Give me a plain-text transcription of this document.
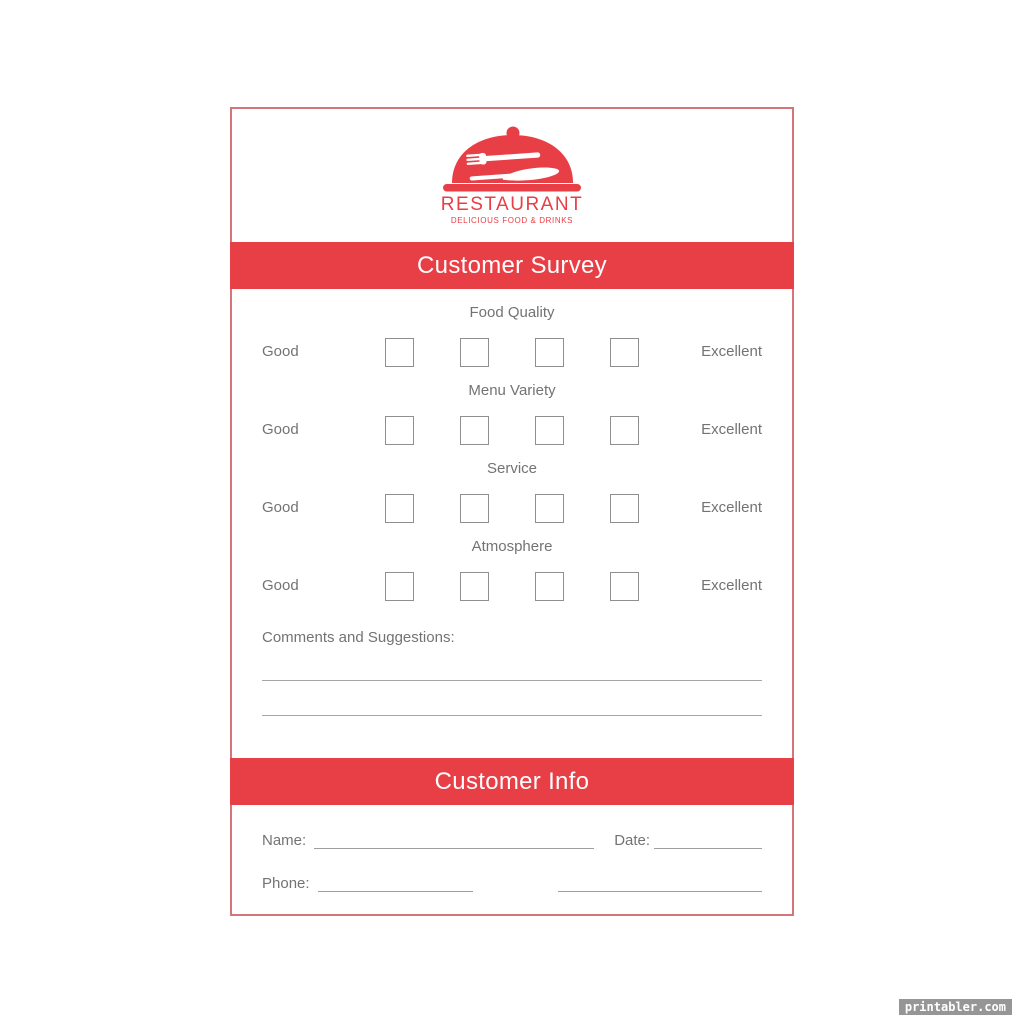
RESTAURANT
DELICIOUS FOOD & DRINKS
Customer Survey
Food Quality
Good	Excellent
Menu Variety
Good	Excellent
Service
Good	Excellent
Atmosphere
Good	Excellent
Comments and Suggestions:
Customer Info
Name:	Date:
Phone:
printabler.com
